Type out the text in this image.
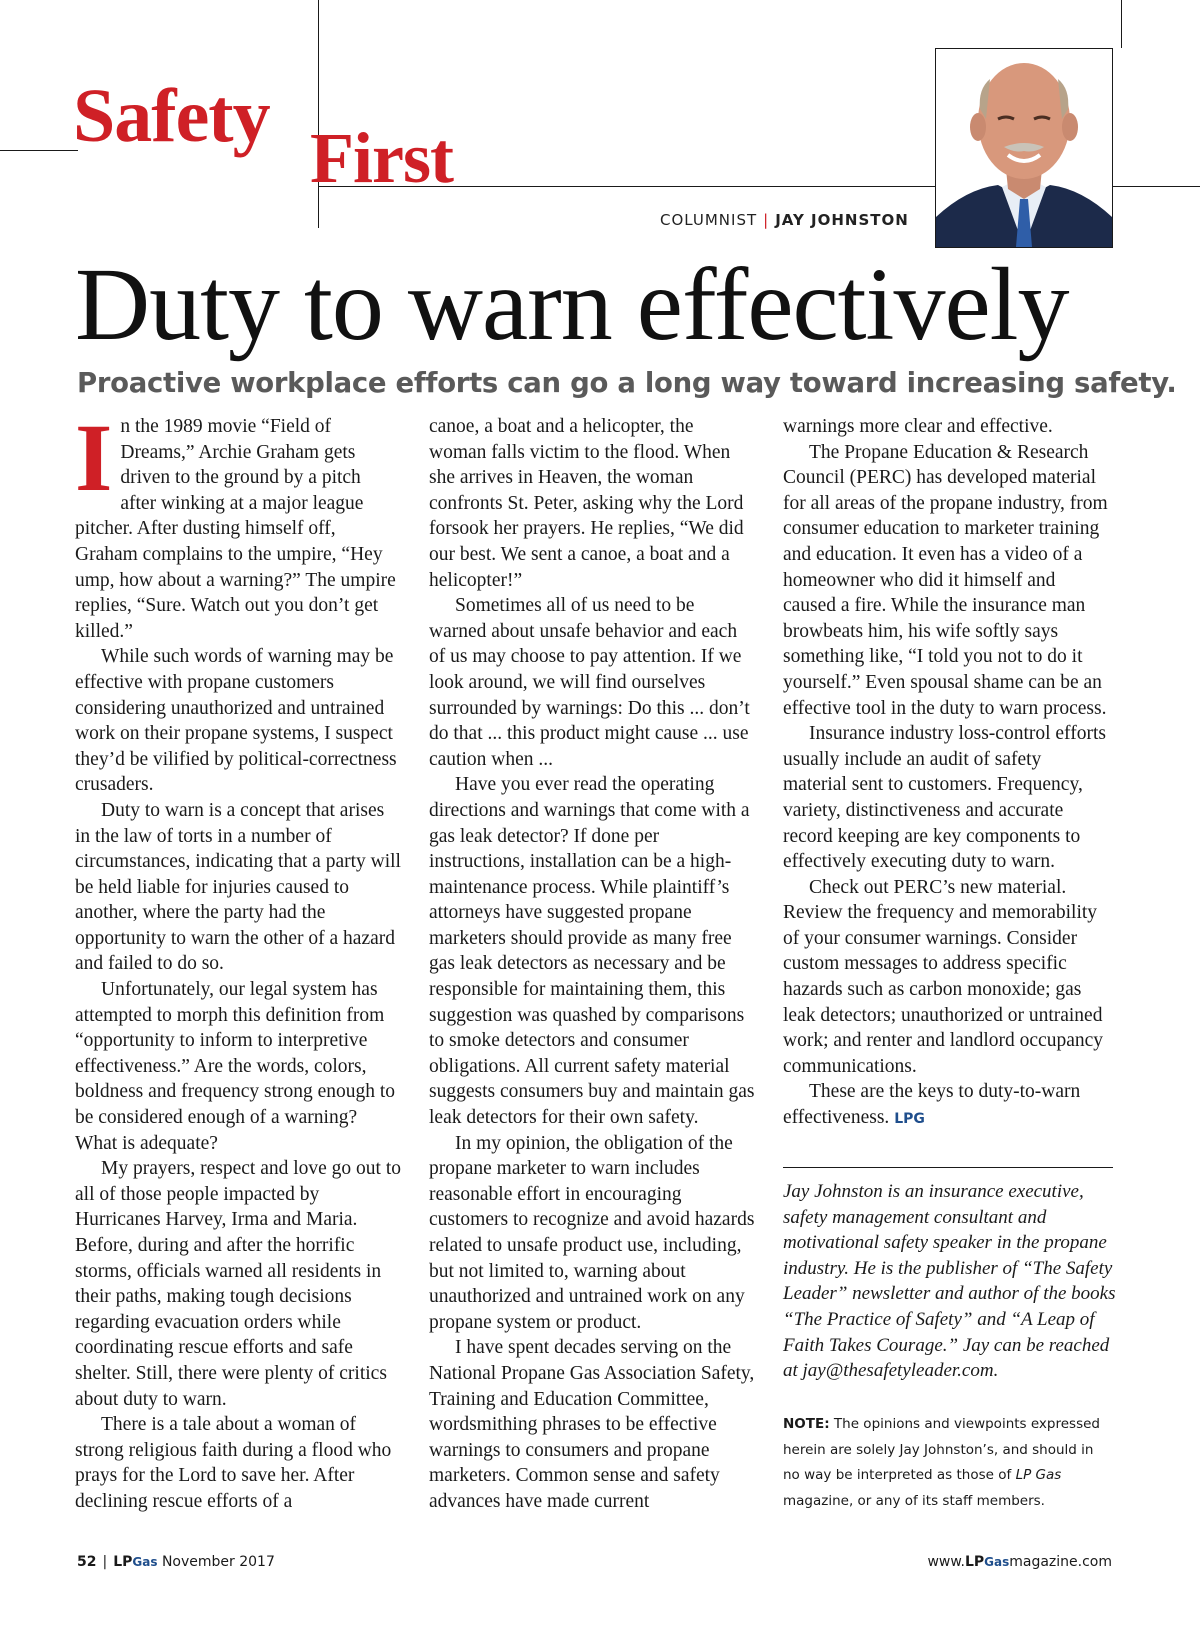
Safety First
COLUMNIST | JAY JOHNSTON
Duty to warn effectively
Proactive workplace efforts can go a long way toward increasing safety.

In the 1989 movie “Field of Dreams,” Archie Graham gets driven to the ground by a pitch after winking at a major league pitcher. After dusting himself off, Graham complains to the umpire, “Hey ump, how about a warning?” The umpire replies, “Sure. Watch out you don’t get killed.”

While such words of warning may be effective with propane customers considering unauthorized and untrained work on their propane systems, I suspect they’d be vilified by political-correctness crusaders.

Duty to warn is a concept that arises in the law of torts in a number of circumstances, indicating that a party will be held liable for injuries caused to another, where the party had the opportunity to warn the other of a hazard and failed to do so.

Unfortunately, our legal system has attempted to morph this definition from “opportunity to inform to interpretive effectiveness.” Are the words, colors, boldness and frequency strong enough to be considered enough of a warning? What is adequate?

My prayers, respect and love go out to all of those people impacted by Hurricanes Harvey, Irma and Maria. Before, during and after the horrific storms, officials warned all residents in their paths, making tough decisions regarding evacuation orders while coordinating rescue efforts and safe shelter. Still, there were plenty of critics about duty to warn.

There is a tale about a woman of strong religious faith during a flood who prays for the Lord to save her. After declining rescue efforts of a

canoe, a boat and a helicopter, the woman falls victim to the flood. When she arrives in Heaven, the woman confronts St. Peter, asking why the Lord forsook her prayers. He replies, “We did our best. We sent a canoe, a boat and a helicopter!”

Sometimes all of us need to be warned about unsafe behavior and each of us may choose to pay attention. If we look around, we will find ourselves surrounded by warnings: Do this ... don’t do that ... this product might cause ... use caution when ...

Have you ever read the operating directions and warnings that come with a gas leak detector? If done per instructions, installation can be a high-maintenance process. While plaintiff’s attorneys have suggested propane marketers should provide as many free gas leak detectors as necessary and be responsible for maintaining them, this suggestion was quashed by comparisons to smoke detectors and consumer obligations. All current safety material suggests consumers buy and maintain gas leak detectors for their own safety.

In my opinion, the obligation of the propane marketer to warn includes reasonable effort in encouraging customers to recognize and avoid hazards related to unsafe product use, including, but not limited to, warning about unauthorized and untrained work on any propane system or product.

I have spent decades serving on the National Propane Gas Association Safety, Training and Education Committee, wordsmithing phrases to be effective warnings to consumers and propane marketers. Common sense and safety advances have made current

warnings more clear and effective.

The Propane Education & Research Council (PERC) has developed material for all areas of the propane industry, from consumer education to marketer training and education. It even has a video of a homeowner who did it himself and caused a fire. While the insurance man browbeats him, his wife softly says something like, “I told you not to do it yourself.” Even spousal shame can be an effective tool in the duty to warn process.

Insurance industry loss-control efforts usually include an audit of safety material sent to customers. Frequency, variety, distinctiveness and accurate record keeping are key components to effectively executing duty to warn.

Check out PERC’s new material. Review the frequency and memorability of your consumer warnings. Consider custom messages to address specific hazards such as carbon monoxide; gas leak detectors; unauthorized or untrained work; and renter and landlord occupancy communications.

These are the keys to duty-to-warn effectiveness. LPG

Jay Johnston is an insurance executive, safety management consultant and motivational safety speaker in the propane industry. He is the publisher of “The Safety Leader” newsletter and author of the books “The Practice of Safety” and “A Leap of Faith Takes Courage.” Jay can be reached at jay@thesafetyleader.com.

NOTE: The opinions and viewpoints expressed herein are solely Jay Johnston’s, and should in no way be interpreted as those of LP Gas magazine, or any of its staff members.

52 | LPGas November 2017	www.LPGasmagazine.com
